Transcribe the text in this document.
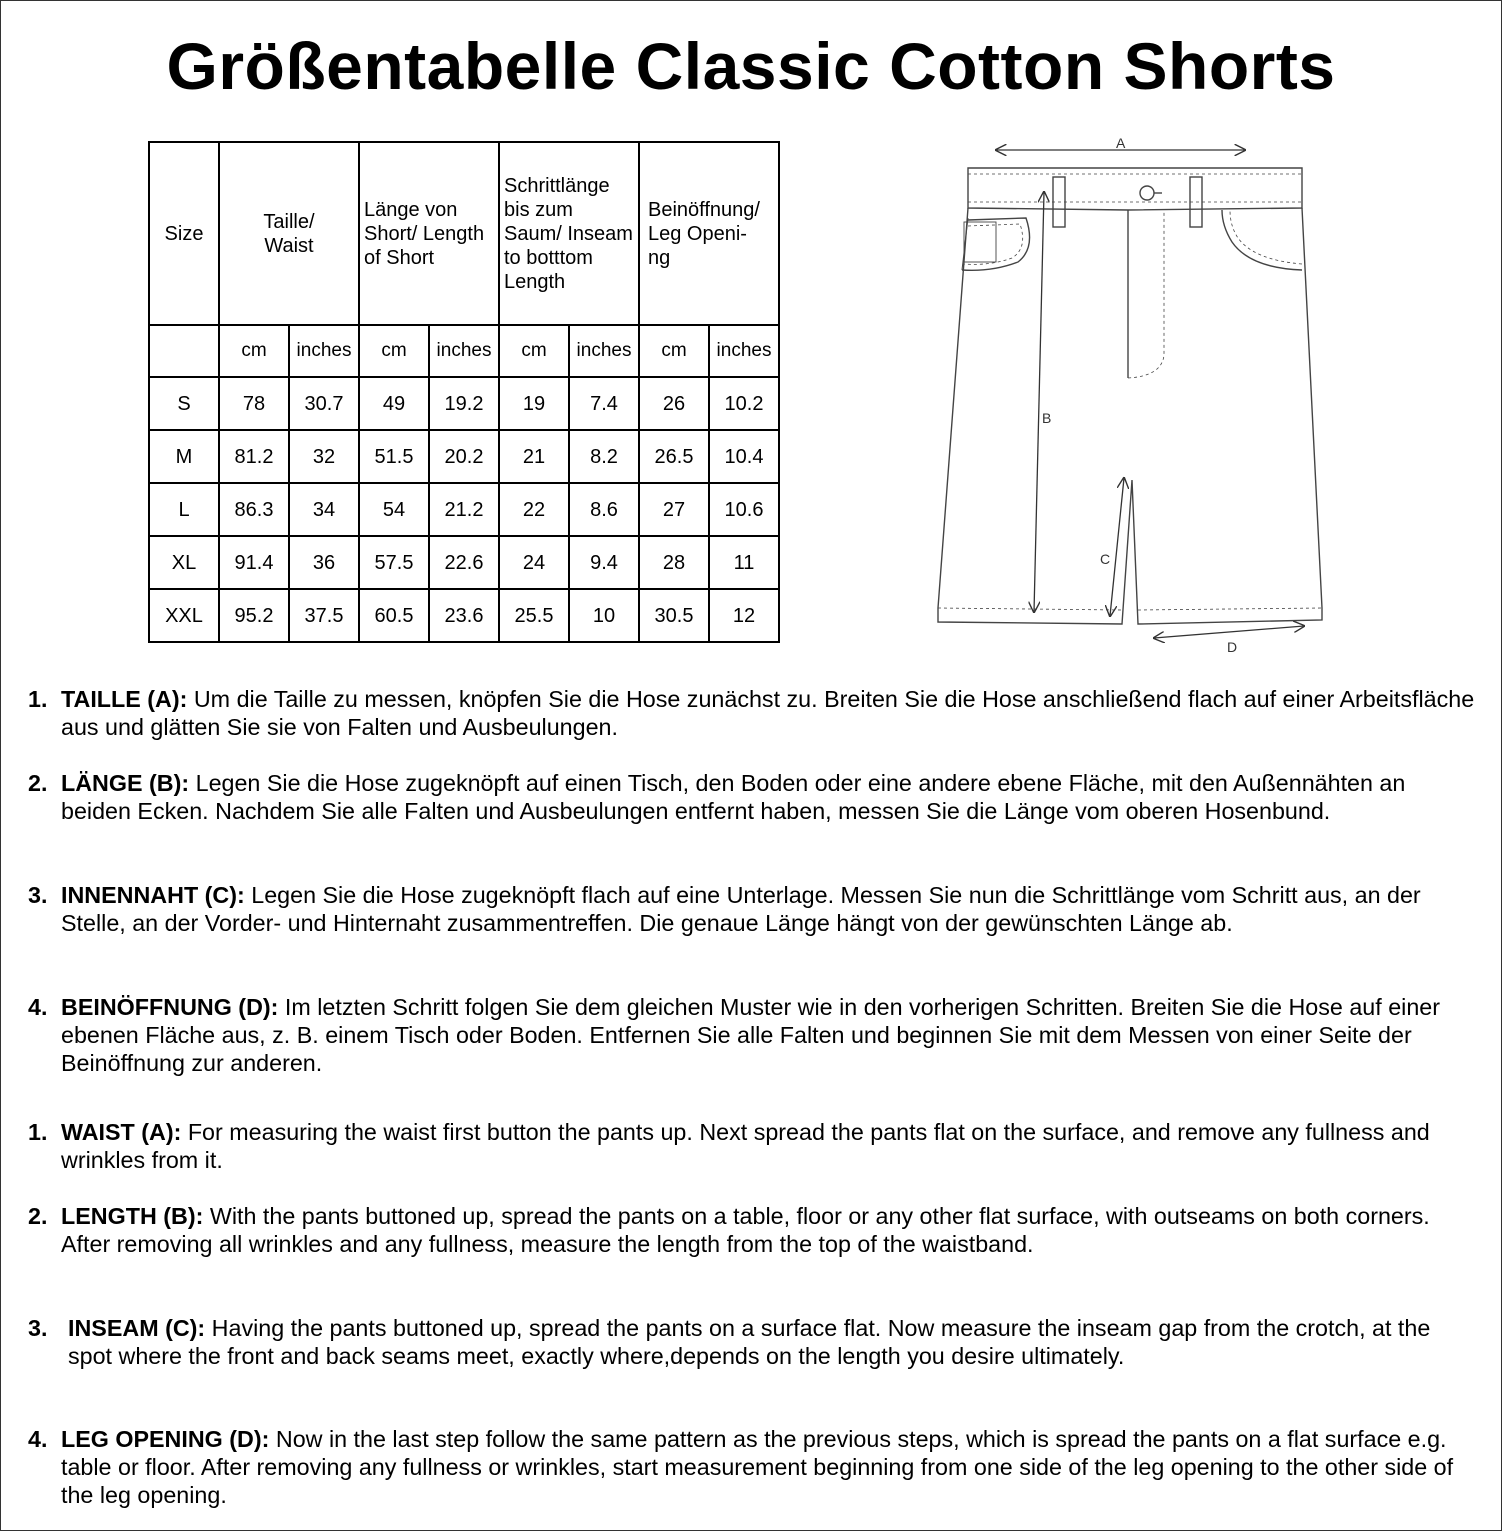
Größentabelle Classic Cotton Shorts
Size	Taille/ Waist		Länge von Short/ Length of Short		Schrittlänge bis zum Saum/ Inseam to botttom Length		Beinöffnung/ Leg Openi- ng	
	cm	inches	cm	inches	cm	inches	cm	inches
S	78	30.7	49	19.2	19	7.4	26	10.2
M	81.2	32	51.5	20.2	21	8.2	26.5	10.4
L	86.3	34	54	21.2	22	8.6	27	10.6
XL	91.4	36	57.5	22.6	24	9.4	28	11
XXL	95.2	37.5	60.5	23.6	25.5	10	30.5	12
A
B
C
D
1. TAILLE (A): Um die Taille zu messen, knöpfen Sie die Hose zunächst zu. Breiten Sie die Hose anschließend flach auf einer Arbeitsfläche aus und glätten Sie sie von Falten und Ausbeulungen.
2. LÄNGE (B): Legen Sie die Hose zugeknöpft auf einen Tisch, den Boden oder eine andere ebene Fläche, mit den Außennähten an beiden Ecken. Nachdem Sie alle Falten und Ausbeulungen entfernt haben, messen Sie die Länge vom oberen Hosenbund.
3. INNENNAHT (C): Legen Sie die Hose zugeknöpft flach auf eine Unterlage. Messen Sie nun die Schrittlänge vom Schritt aus, an der Stelle, an der Vorder- und Hinternaht zusammentreffen. Die genaue Länge hängt von der gewünschten Länge ab.
4. BEINÖFFNUNG (D): Im letzten Schritt folgen Sie dem gleichen Muster wie in den vorherigen Schritten. Breiten Sie die Hose auf einer ebenen Fläche aus, z. B. einem Tisch oder Boden. Entfernen Sie alle Falten und beginnen Sie mit dem Messen von einer Seite der Beinöffnung zur anderen.
1. WAIST (A): For measuring the waist first button the pants up. Next spread the pants flat on the surface, and remove any fullness and wrinkles from it.
2. LENGTH (B): With the pants buttoned up, spread the pants on a table, floor or any other flat surface, with outseams on both corners. After removing all wrinkles and any fullness, measure the length from the top of the waistband.
3. INSEAM (C): Having the pants buttoned up, spread the pants on a surface flat. Now measure the inseam gap from the crotch, at the spot where the front and back seams meet, exactly where,depends on the length you desire ultimately.
4. LEG OPENING (D): Now in the last step follow the same pattern as the previous steps, which is spread the pants on a flat surface e.g. table or floor. After removing any fullness or wrinkles, start measurement beginning from one side of the leg opening to the other side of the leg opening.
